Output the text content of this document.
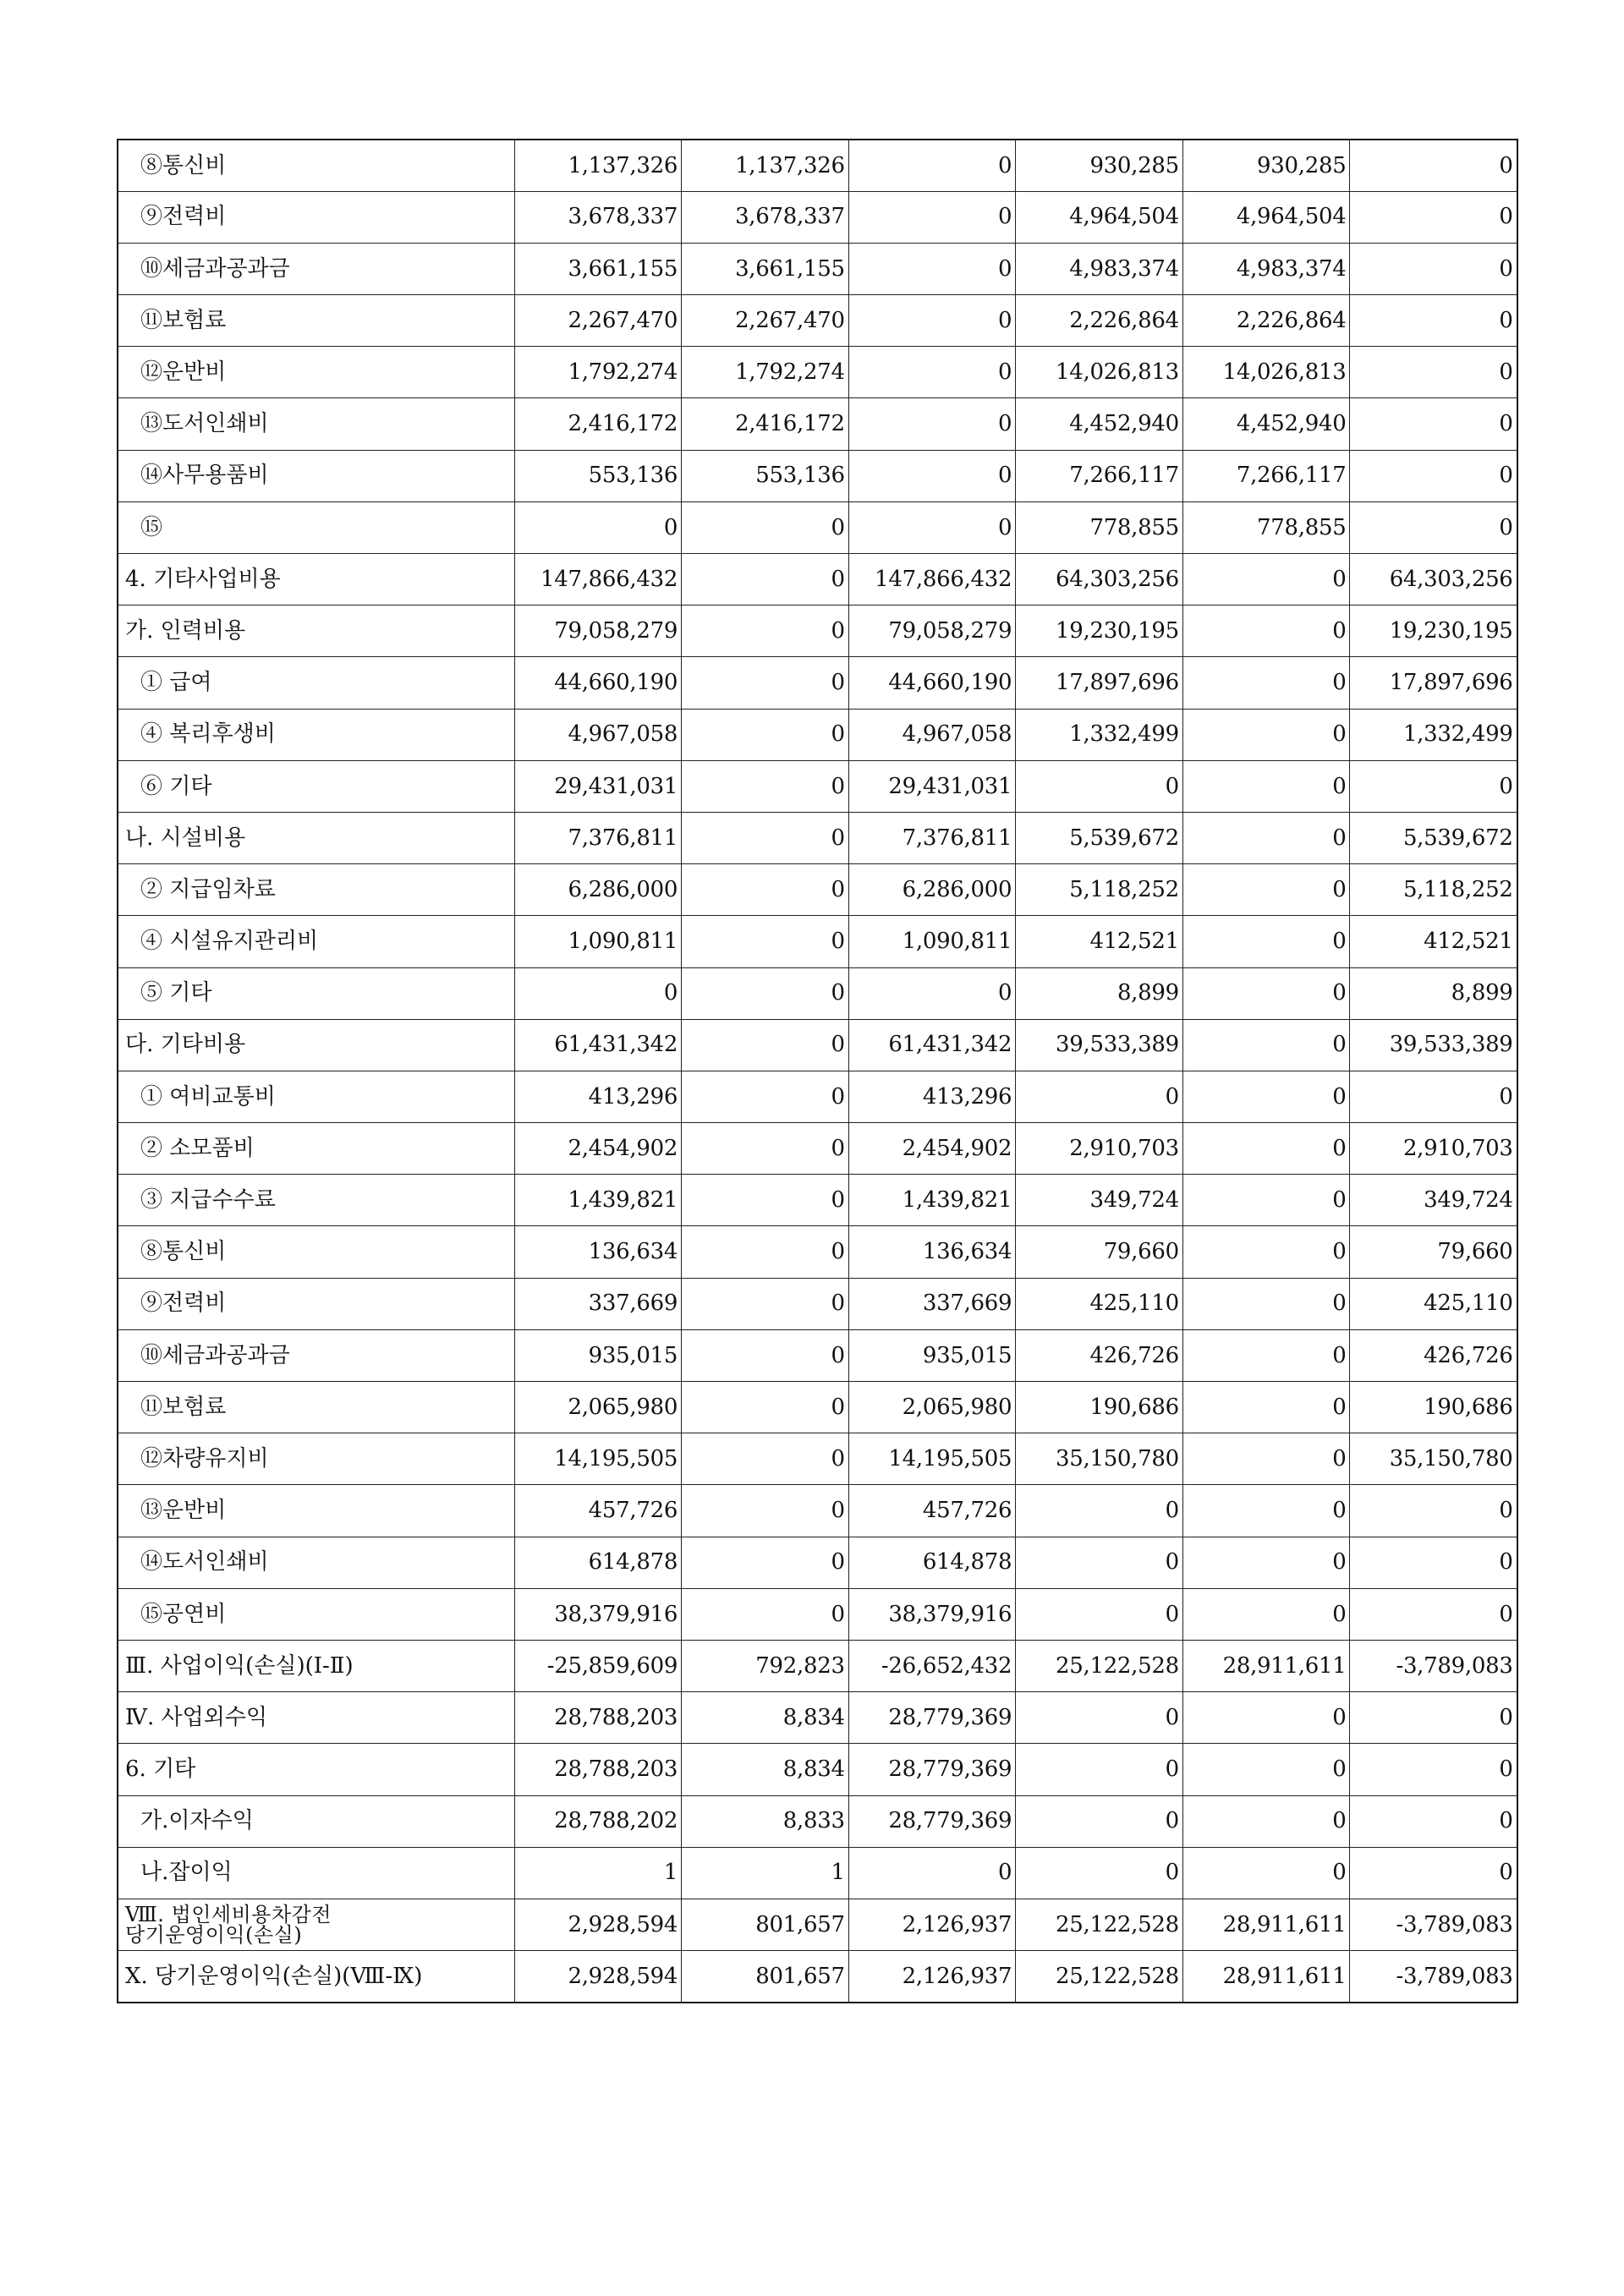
⑧통신비	1,137,326	1,137,326	0	930,285	930,285	0
⑨전력비	3,678,337	3,678,337	0	4,964,504	4,964,504	0
⑩세금과공과금	3,661,155	3,661,155	0	4,983,374	4,983,374	0
⑪보험료	2,267,470	2,267,470	0	2,226,864	2,226,864	0
⑫운반비	1,792,274	1,792,274	0	14,026,813	14,026,813	0
⑬도서인쇄비	2,416,172	2,416,172	0	4,452,940	4,452,940	0
⑭사무용품비	553,136	553,136	0	7,266,117	7,266,117	0
⑮	0	0	0	778,855	778,855	0
4. 기타사업비용	147,866,432	0	147,866,432	64,303,256	0	64,303,256
가. 인력비용	79,058,279	0	79,058,279	19,230,195	0	19,230,195
① 급여	44,660,190	0	44,660,190	17,897,696	0	17,897,696
④ 복리후생비	4,967,058	0	4,967,058	1,332,499	0	1,332,499
⑥ 기타	29,431,031	0	29,431,031	0	0	0
나. 시설비용	7,376,811	0	7,376,811	5,539,672	0	5,539,672
② 지급임차료	6,286,000	0	6,286,000	5,118,252	0	5,118,252
④ 시설유지관리비	1,090,811	0	1,090,811	412,521	0	412,521
⑤ 기타	0	0	0	8,899	0	8,899
다. 기타비용	61,431,342	0	61,431,342	39,533,389	0	39,533,389
① 여비교통비	413,296	0	413,296	0	0	0
② 소모품비	2,454,902	0	2,454,902	2,910,703	0	2,910,703
③ 지급수수료	1,439,821	0	1,439,821	349,724	0	349,724
⑧통신비	136,634	0	136,634	79,660	0	79,660
⑨전력비	337,669	0	337,669	425,110	0	425,110
⑩세금과공과금	935,015	0	935,015	426,726	0	426,726
⑪보험료	2,065,980	0	2,065,980	190,686	0	190,686
⑫차량유지비	14,195,505	0	14,195,505	35,150,780	0	35,150,780
⑬운반비	457,726	0	457,726	0	0	0
⑭도서인쇄비	614,878	0	614,878	0	0	0
⑮공연비	38,379,916	0	38,379,916	0	0	0
Ⅲ. 사업이익(손실)(Ⅰ-Ⅱ)	-25,859,609	792,823	-26,652,432	25,122,528	28,911,611	-3,789,083
Ⅳ. 사업외수익	28,788,203	8,834	28,779,369	0	0	0
6. 기타	28,788,203	8,834	28,779,369	0	0	0
가.이자수익	28,788,202	8,833	28,779,369	0	0	0
나.잡이익	1	1	0	0	0	0
Ⅷ. 법인세비용차감전
당기운영이익(손실)	2,928,594	801,657	2,126,937	25,122,528	28,911,611	-3,789,083
Ⅹ. 당기운영이익(손실)(Ⅷ-Ⅸ)	2,928,594	801,657	2,126,937	25,122,528	28,911,611	-3,789,083
